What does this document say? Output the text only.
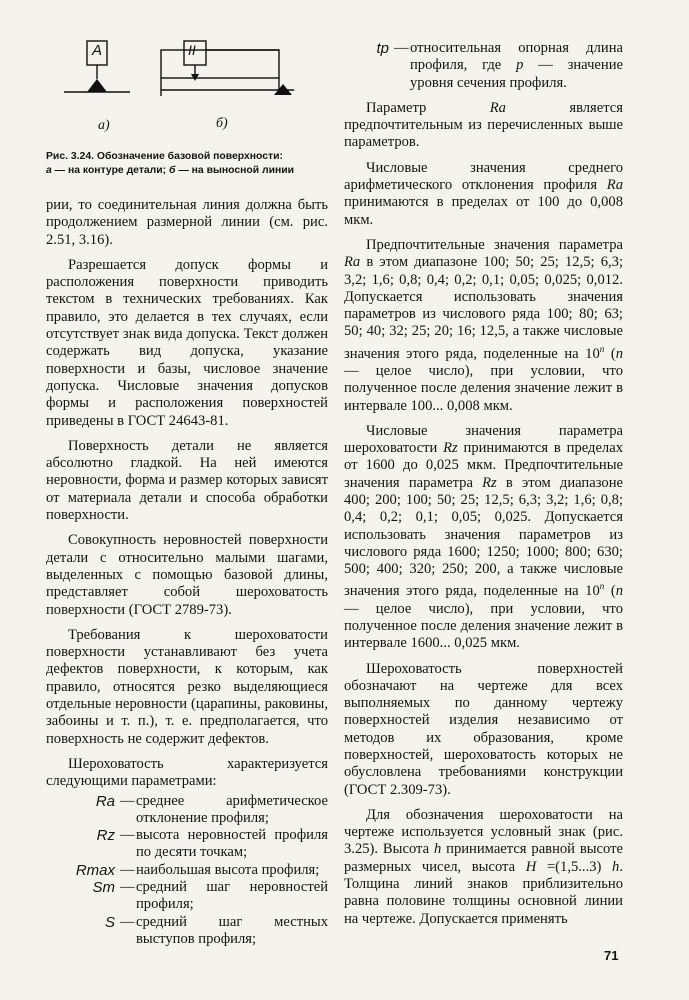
а)	б)
A	II
Рис. 3.24. Обозначение базовой поверхности:
а — на контуре детали; б — на выносной линии

рии, то соединительная линия должна быть продолжением размерной линии (см. рис. 2.51, 3.16).

Разрешается допуск формы и расположения поверхности приводить текстом в технических требованиях. Как правило, это делается в тех случаях, если отсутствует знак вида допуска. Текст должен содержать вид допуска, указание поверхности и базы, числовое значение допуска. Числовые значения допусков формы и расположения поверхностей приведены в ГОСТ 24643-81.

Поверхность детали не является абсолютно гладкой. На ней имеются неровности, форма и размер которых зависят от материала детали и способа обработки поверхности.

Совокупность неровностей поверхности детали с относительно малыми шагами, выделенных с помощью базовой длины, представляет собой шероховатость поверхности (ГОСТ 2789-73).

Требования к шероховатости поверхности устанавливают без учета дефектов поверхности, к которым, как правило, относятся резко выделяющиеся отдельные неровности (царапины, раковины, забоины и т. п.), т. е. предполагается, что поверхность не содержит дефектов.

Шероховатость характеризуется следующими параметрами:

Ra — среднее арифметическое отклонение профиля;
Rz — высота неровностей профиля по десяти точкам;
Rmax — наибольшая высота профиля;
Sm — средний шаг неровностей профиля;
S — средний шаг местных выступов профиля;
tp — относительная опорная длина профиля, где p — значение уровня сечения профиля.

Параметр Ra является предпочтительным из перечисленных выше параметров.

Числовые значения среднего арифметического отклонения профиля Ra принимаются в пределах от 100 до 0,008 мкм.

Предпочтительные значения параметра Ra в этом диапазоне 100; 50; 25; 12,5; 6,3; 3,2; 1,6; 0,8; 0,4; 0,2; 0,1; 0,05; 0,025; 0,012. Допускается использовать значения параметров из числового ряда 100; 80; 63; 50; 40; 32; 25; 20; 16; 12,5, а также числовые значения этого ряда, поделенные на 10$^n$ (n — целое число), при условии, что полученное после деления значение лежит в интервале 100... 0,008 мкм.

Числовые значения параметра шероховатости Rz принимаются в пределах от 1600 до 0,025 мкм. Предпочтительные значения параметра Rz в этом диапазоне 400; 200; 100; 50; 25; 12,5; 6,3; 3,2; 1,6; 0,8; 0,4; 0,2; 0,1; 0,05; 0,025. Допускается использовать значения параметров из числового ряда 1600; 1250; 1000; 800; 630; 500; 400; 320; 250; 200, а также числовые значения этого ряда, поделенные на 10$^n$ (n — целое число), при условии, что полученное после деления значение лежит в интервале 1600... 0,025 мкм.

Шероховатость поверхностей обозначают на чертеже для всех выполняемых по данному чертежу поверхностей изделия независимо от методов их образования, кроме поверхностей, шероховатость которых не обусловлена требованиями конструкции (ГОСТ 2.309-73).

Для обозначения шероховатости на чертеже используется условный знак (рис. 3.25). Высота h принимается равной высоте размерных чисел, высота H =(1,5...3) h. Толщина линий знаков приблизительно равна половине толщины основной линии на чертеже. Допускается применять

71
